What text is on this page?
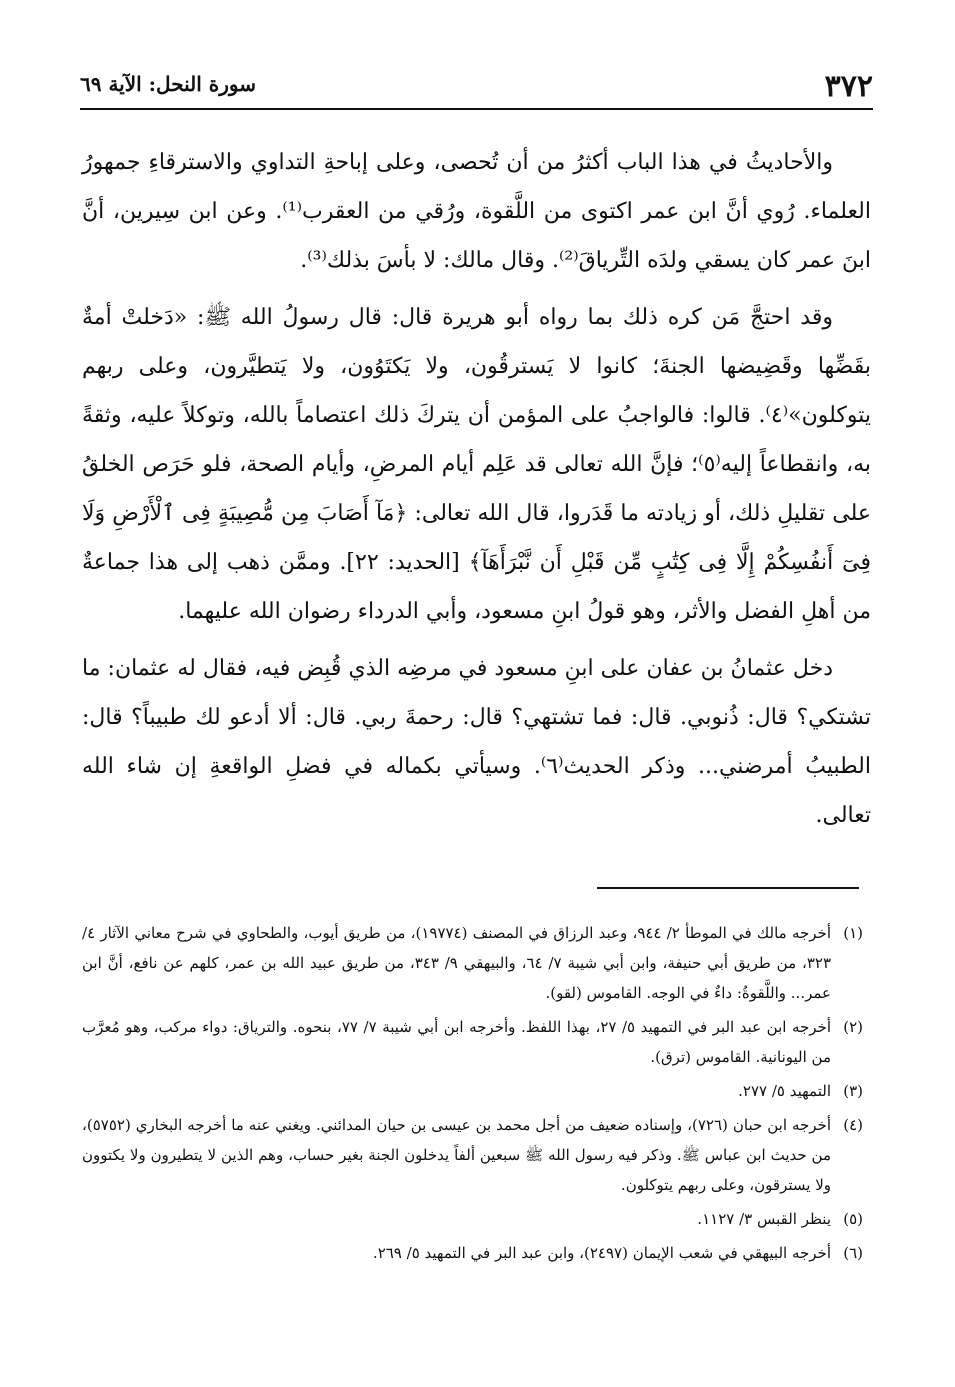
٣٧٢
سورة النحل: الآية ٦٩

والأحاديثُ في هذا الباب أكثرُ من أن تُحصى، وعلى إباحةِ التداوي والاسترقاءِ جمهورُ العلماء. رُوي أنَّ ابن عمر اكتوى من اللَّقوة، ورُقي من العقرب⁽¹⁾. وعن ابن سِيرين، أنَّ ابنَ عمر كان يسقي ولدَه التِّرياقَ⁽²⁾. وقال مالك: لا بأسَ بذلك⁽³⁾.

وقد احتجَّ مَن كره ذلك بما رواه أبو هريرة قال: قال رسولُ الله ﷺ: «دَخلتْ أمةٌ بقَضِّها وقَضِيضها الجنةَ؛ كانوا لا يَسترقُون، ولا يَكتَوُون، ولا يَتطيَّرون، وعلى ربهم يتوكلون»⁽٤⁾. قالوا: فالواجبُ على المؤمن أن يتركَ ذلك اعتصاماً بالله، وتوكلاً عليه، وثقةً به، وانقطاعاً إليه⁽٥⁾؛ فإنَّ الله تعالى قد عَلِم أيام المرضِ، وأيام الصحة، فلو حَرَص الخلقُ على تقليلِ ذلك، أو زيادته ما قَدَروا، قال الله تعالى: ﴿مَآ أَصَابَ مِن مُّصِيبَةٍ فِى ٱلْأَرْضِ وَلَا فِىٓ أَنفُسِكُمْ إِلَّا فِى كِتَٰبٍ مِّن قَبْلِ أَن نَّبْرَأَهَآ﴾ [الحديد: ٢٢]. وممَّن ذهب إلى هذا جماعةٌ من أهلِ الفضل والأثر، وهو قولُ ابنِ مسعود، وأبي الدرداء رضوان الله عليهما.

دخل عثمانُ بن عفان على ابنِ مسعود في مرضِه الذي قُبِض فيه، فقال له عثمان: ما تشتكي؟ قال: ذُنوبي. قال: فما تشتهي؟ قال: رحمةَ ربي. قال: ألا أدعو لك طبيباً؟ قال: الطبيبُ أمرضني... وذكر الحديث⁽٦⁾. وسيأتي بكماله في فضلِ الواقعةِ إن شاء الله تعالى.

(١)
أخرجه مالك في الموطأ ٢/ ٩٤٤، وعبد الرزاق في المصنف (١٩٧٧٤)، من طريق أيوب، والطحاوي في شرح معاني الآثار ٤/ ٣٢٣، من طريق أبي حنيفة، وابن أبي شيبة ٧/ ٦٤، والبيهقي ٩/ ٣٤٣، من طريق عبيد الله بن عمر، كلهم عن نافع، أنَّ ابن عمر... واللَّقوةُ: داءٌ في الوجه. القاموس (لقو).
(٢)
أخرجه ابن عبد البر في التمهيد ٥/ ٢٧، بهذا اللفظ. وأخرجه ابن أبي شيبة ٧/ ٧٧، بنحوه. والترياق: دواء مركب، وهو مُعرَّب من اليونانية. القاموس (ترق).
(٣)
التمهيد ٥/ ٢٧٧.
(٤)
أخرجه ابن حبان (٧٢٦)، وإسناده ضعيف من أجل محمد بن عيسى بن حيان المدائني. ويغني عنه ما أخرجه البخاري (٥٧٥٢)، من حديث ابن عباس ﷺ. وذكر فيه رسول الله ﷺ سبعين ألفاً يدخلون الجنة بغير حساب، وهم الذين لا يتطيرون ولا يكتوون ولا يسترقون، وعلى ربهم يتوكلون.
(٥)
ينظر القبس ٣/ ١١٢٧.
(٦)
أخرجه البيهقي في شعب الإيمان (٢٤٩٧)، وابن عبد البر في التمهيد ٥/ ٢٦٩.
